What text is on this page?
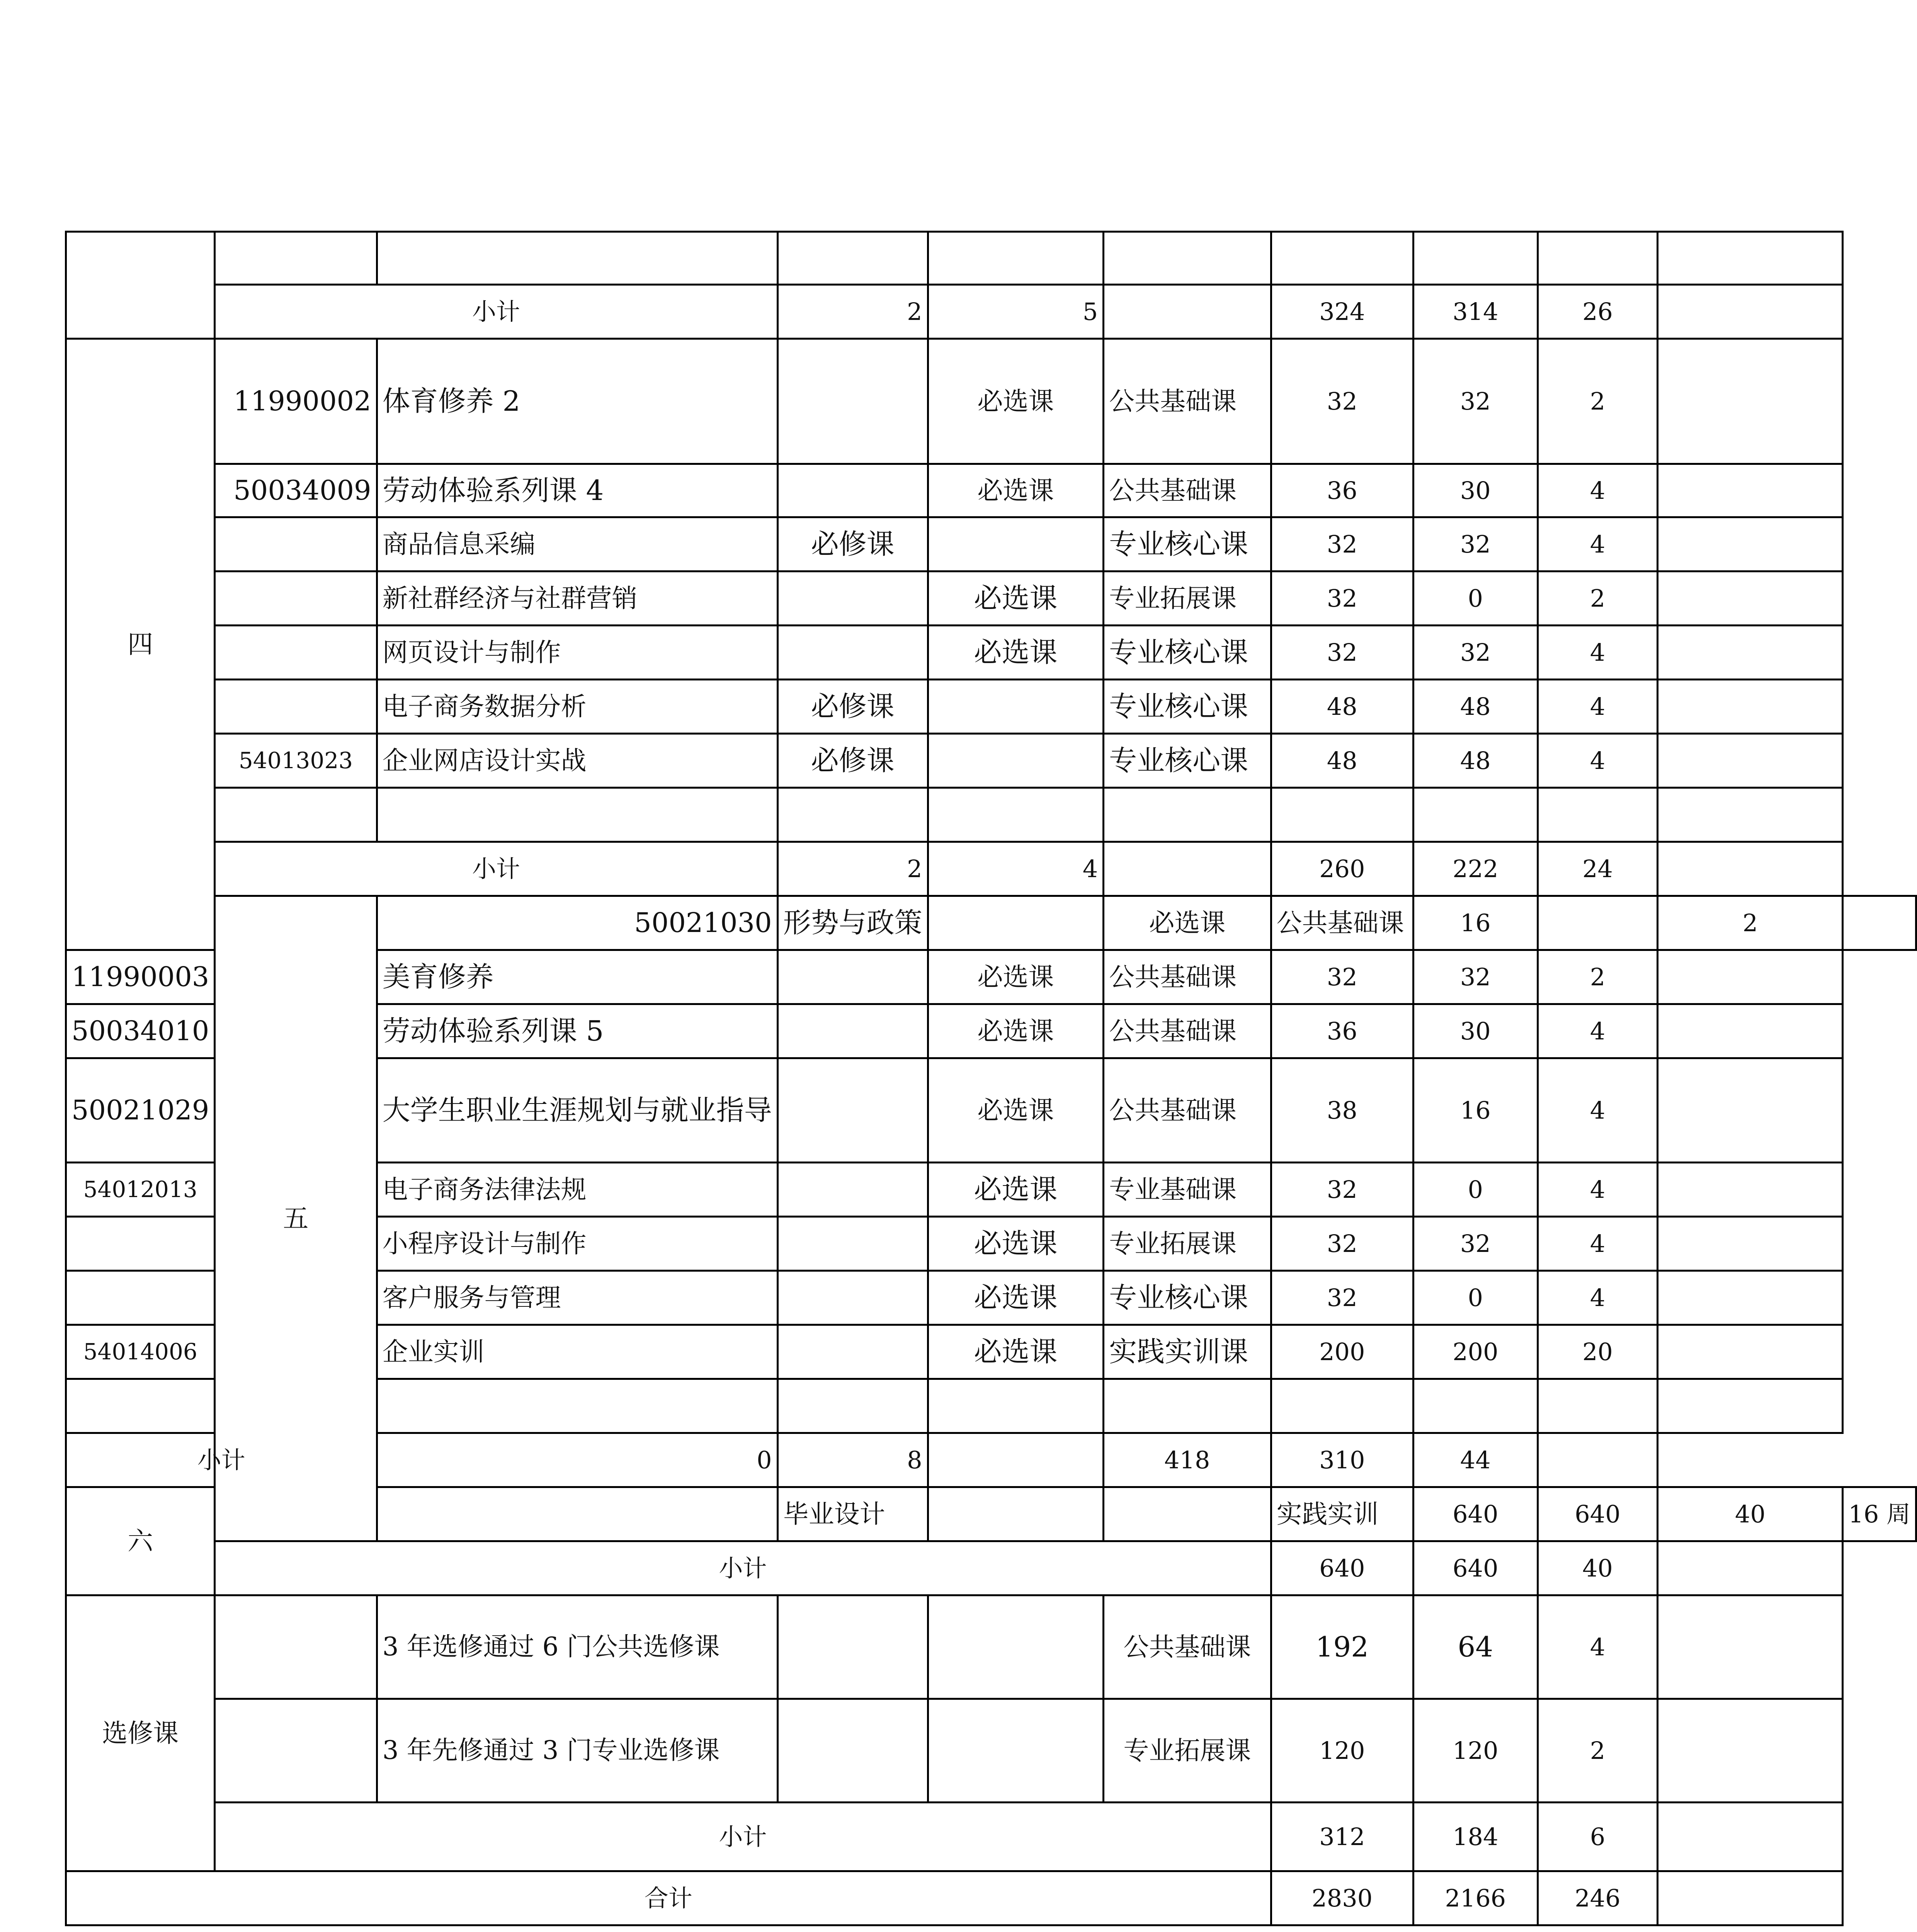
	小计		2	5		324	314	26		
四	11990002	体育修养 2		必选课	公共基础课	32	32	2		
	50034009	劳动体验系列课 4		必选课	公共基础课	36	30	4		
		商品信息采编	必修课		专业核心课	32	32	4		
		新社群经济与社群营销		必选课	专业拓展课	32	0	2		
		网页设计与制作		必选课	专业核心课	32	32	4		
		电子商务数据分析	必修课		专业核心课	48	48	4		
	54013023	企业网店设计实战	必修课		专业核心课	48	48	4		

	小计		2	4		260	222	24		
	五	50021030	形势与政策		必选课	公共基础课	16		2	
11990003		美育修养		必选课	公共基础课	32	32	2		
50034010		劳动体验系列课 5		必选课	公共基础课	36	30	4		
50021029		大学生职业生涯规划与就业指导		必选课	公共基础课	38	16	4		
54012013		电子商务法律法规		必选课	专业基础课	32	0	4		
		小程序设计与制作		必选课	专业拓展课	32	32	4		
		客户服务与管理		必选课	专业核心课	32	0	4		
54014006		企业实训		必选课	实践实训课	200	200	20		

小计		0	8		418	310	44			
六			毕业设计			实践实训	640	640	40	16 周
	小计					640	640	40		
选修课		3 年选修通过 6 门公共选修课			公共基础课	192	64	4		
		3 年先修通过 3 门专业选修课			专业拓展课	120	120	2		
	小计					312	184	6		
合计						2830	2166	246		
